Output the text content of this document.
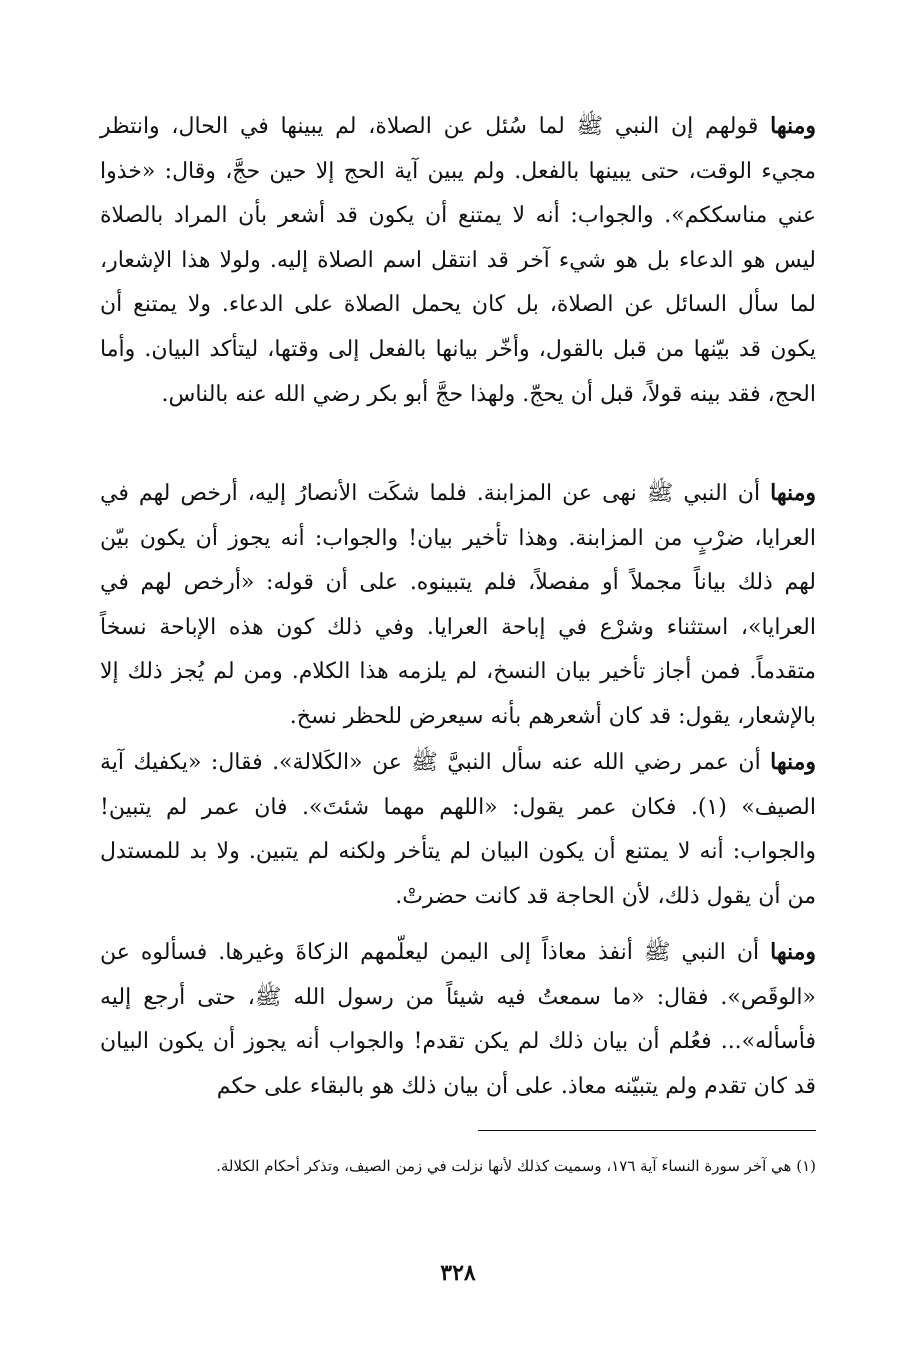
ومنها قولهم إن النبي ﷺ لما سُئل عن الصلاة، لم يبينها في الحال، وانتظر مجيء الوقت، حتى يبينها بالفعل. ولم يبين آية الحج إلا حين حجَّ، وقال: «خذوا عني مناسككم». والجواب: أنه لا يمتنع أن يكون قد أشعر بأن المراد بالصلاة ليس هو الدعاء بل هو شيء آخر قد انتقل اسم الصلاة إليه. ولولا هذا الإشعار، لما سأل السائل عن الصلاة، بل كان يحمل الصلاة على الدعاء. ولا يمتنع أن يكون قد بيّنها من قبل بالقول، وأخّر بيانها بالفعل إلى وقتها، ليتأكد البيان. وأما الحج، فقد بينه قولاً، قبل أن يحجّ. ولهذا حجَّ أبو بكر رضي الله عنه بالناس.

ومنها أن النبي ﷺ نهى عن المزابنة. فلما شكَت الأنصارُ إليه، أرخص لهم في العرايا، ضرْبٍ من المزابنة. وهذا تأخير بيان! والجواب: أنه يجوز أن يكون بيّن لهم ذلك بياناً مجملاً أو مفصلاً، فلم يتبينوه. على أن قوله: «أرخص لهم في العرايا»، استثناء وشرْع في إباحة العرايا. وفي ذلك كون هذه الإباحة نسخاً متقدماً. فمن أجاز تأخير بيان النسخ، لم يلزمه هذا الكلام. ومن لم يُجز ذلك إلا بالإشعار، يقول: قد كان أشعرهم بأنه سيعرض للحظر نسخ.

ومنها أن عمر رضي الله عنه سأل النبيَّ ﷺ عن «الكَلالة». فقال: «يكفيك آية الصيف» (١). فكان عمر يقول: «اللهم مهما شئتَ». فان عمر لم يتبين! والجواب: أنه لا يمتنع أن يكون البيان لم يتأخر ولكنه لم يتبين. ولا بد للمستدل من أن يقول ذلك، لأن الحاجة قد كانت حضرتْ.

ومنها أن النبي ﷺ أنفذ معاذاً إلى اليمن ليعلّمهم الزكاةَ وغيرها. فسألوه عن «الوقَص». فقال: «ما سمعتُ فيه شيئاً من رسول الله ﷺ، حتى أرجع إليه فأسأله»... فعُلم أن بيان ذلك لم يكن تقدم! والجواب أنه يجوز أن يكون البيان قد كان تقدم ولم يتبيّنه معاذ. على أن بيان ذلك هو بالبقاء على حكم

(١) هي آخر سورة النساء آية ١٧٦، وسميت كذلك لأنها نزلت في زمن الصيف، وتذكر أحكام الكلالة.

٣٢٨
